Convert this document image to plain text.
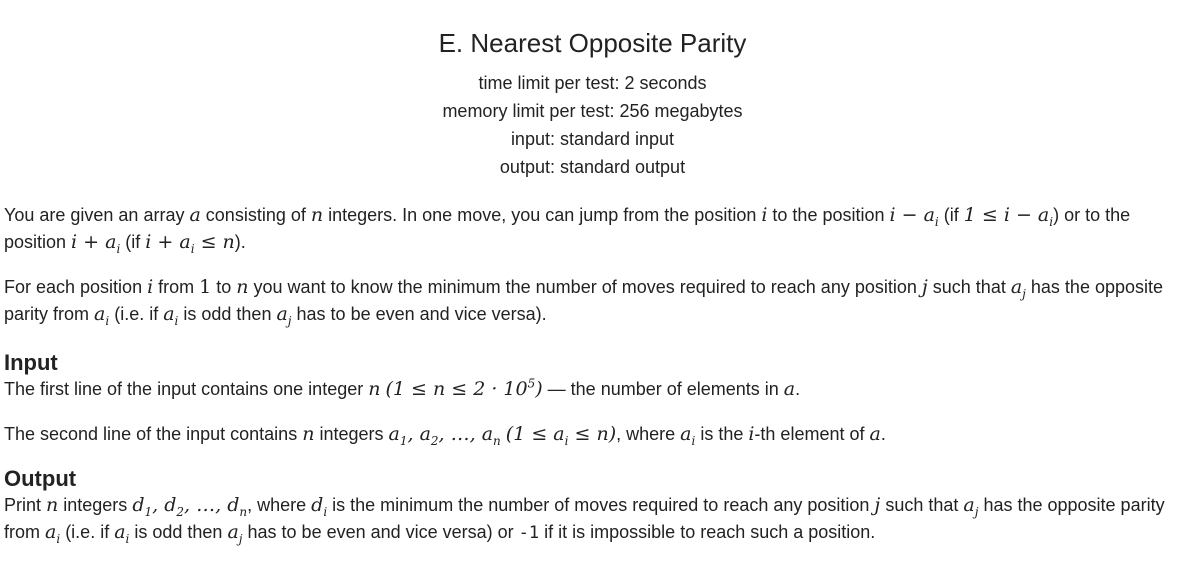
E. Nearest Opposite Parity
time limit per test: 2 seconds
memory limit per test: 256 megabytes
input: standard input
output: standard output

You are given an array a consisting of n integers. In one move, you can jump from the position i to the position $i - a_i$ (if $1 \le i - a_i$) or to the position $i + a_i$ (if $i + a_i \le n$).

For each position i from 1 to n you want to know the minimum the number of moves required to reach any position j such that $a_j$ has the opposite parity from $a_i$ (i.e. if $a_i$ is odd then $a_j$ has to be even and vice versa).

Input

The first line of the input contains one integer n $(1 \le n \le 2 \cdot 10^5)$ — the number of elements in a.

The second line of the input contains n integers $a_1$, $a_2$, …, $a_n$ $(1 \le a_i \le n)$, where $a_i$ is the i-th element of a.

Output

Print n integers $d_1$, $d_2$, …, $d_n$, where $d_i$ is the minimum the number of moves required to reach any position j such that $a_j$ has the opposite parity from $a_i$ (i.e. if $a_i$ is odd then $a_j$ has to be even and vice versa) or -1 if it is impossible to reach such a position.
